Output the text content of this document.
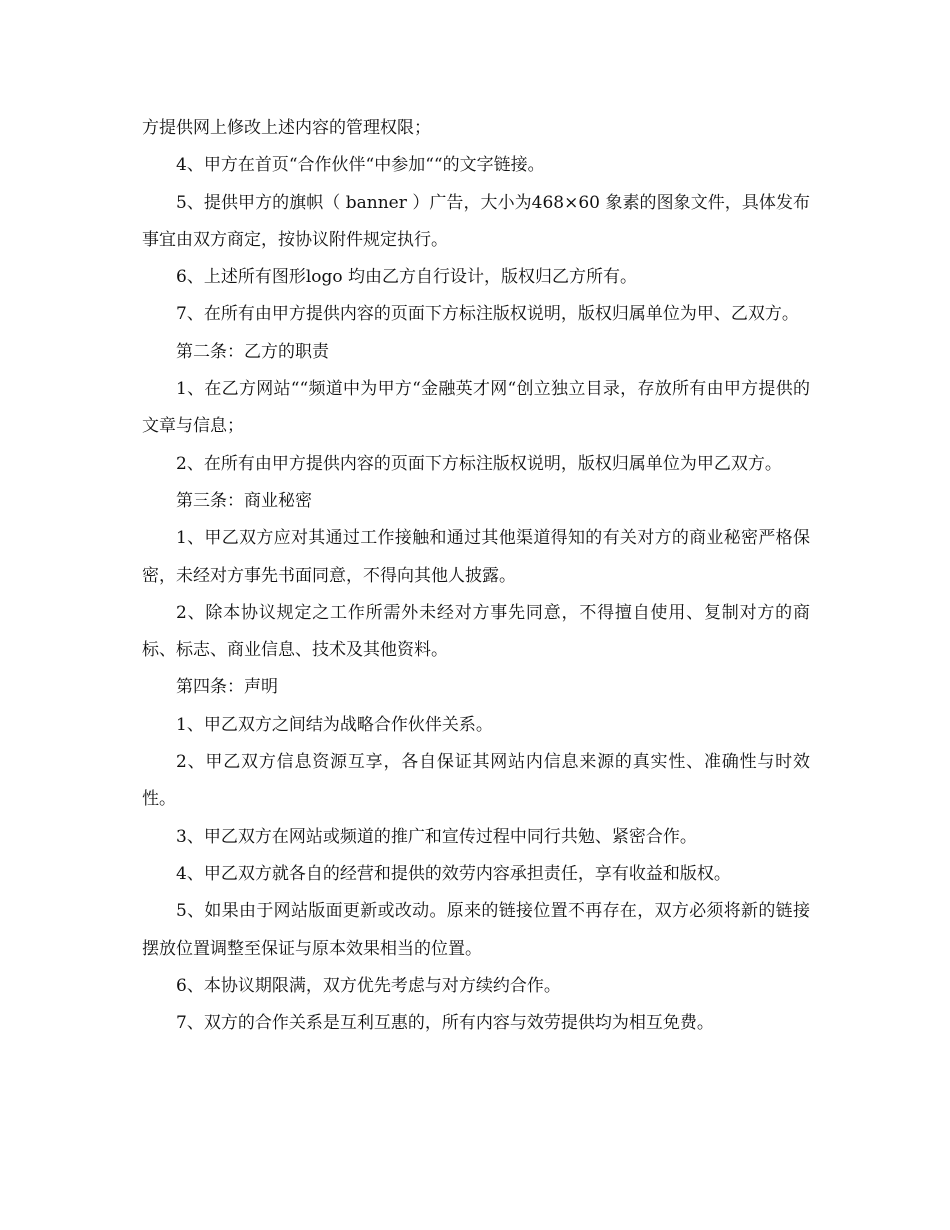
方提供网上修改上述内容的管理权限；

4、甲方在首页“合作伙伴“中参加““的文字链接。

5、提供甲方的旗帜（ banner ）广告，大小为468×60 象素的图象文件，具体发布事宜由双方商定，按协议附件规定执行。

6、上述所有图形logo 均由乙方自行设计，版权归乙方所有。

7、在所有由甲方提供内容的页面下方标注版权说明，版权归属单位为甲、乙双方。

第二条：乙方的职责

1、在乙方网站““频道中为甲方“金融英才网“创立独立目录，存放所有由甲方提供的文章与信息；

2、在所有由甲方提供内容的页面下方标注版权说明，版权归属单位为甲乙双方。

第三条：商业秘密

1、甲乙双方应对其通过工作接触和通过其他渠道得知的有关对方的商业秘密严格保密，未经对方事先书面同意，不得向其他人披露。

2、除本协议规定之工作所需外未经对方事先同意，不得擅自使用、复制对方的商标、标志、商业信息、技术及其他资料。

第四条：声明

1、甲乙双方之间结为战略合作伙伴关系。

2、甲乙双方信息资源互享，各自保证其网站内信息来源的真实性、准确性与时效性。

3、甲乙双方在网站或频道的推广和宣传过程中同行共勉、紧密合作。

4、甲乙双方就各自的经营和提供的效劳内容承担责任，享有收益和版权。

5、如果由于网站版面更新或改动。原来的链接位置不再存在，双方必须将新的链接摆放位置调整至保证与原本效果相当的位置。

6、本协议期限满，双方优先考虑与对方续约合作。

7、双方的合作关系是互利互惠的，所有内容与效劳提供均为相互免费。
